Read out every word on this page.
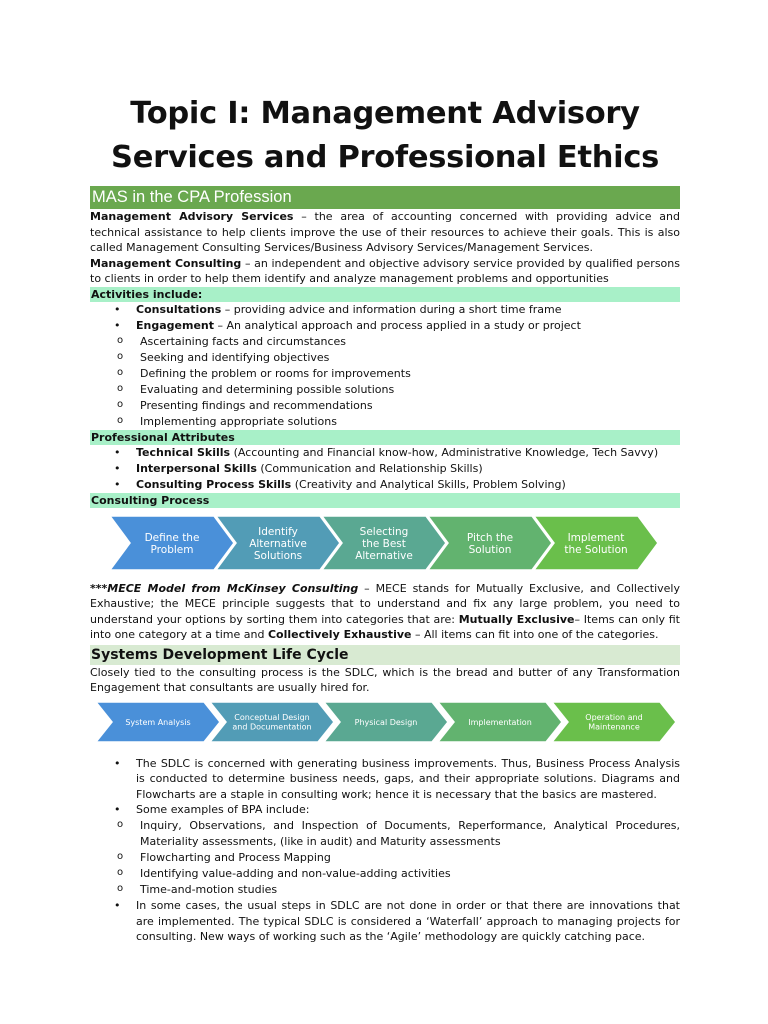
Topic I: Management Advisory Services and Professional Ethics
MAS in the CPA Profession

Management Advisory Services – the area of accounting concerned with providing advice and technical assistance to help clients improve the use of their resources to achieve their goals. This is also called Management Consulting Services/Business Advisory Services/Management Services.

Management Consulting – an independent and objective advisory service provided by qualified persons to clients in order to help them identify and analyze management problems and opportunities

Activities include:
• Consultations – providing advice and information during a short time frame
• Engagement – An analytical approach and process applied in a study or project
o Ascertaining facts and circumstances
o Seeking and identifying objectives
o Defining the problem or rooms for improvements
o Evaluating and determining possible solutions
o Presenting findings and recommendations
o Implementing appropriate solutions
Professional Attributes
• Technical Skills (Accounting and Financial know-how, Administrative Knowledge, Tech Savvy)
• Interpersonal Skills (Communication and Relationship Skills)
• Consulting Process Skills (Creativity and Analytical Skills, Problem Solving)
Consulting Process
Define the
Problem
Identify
Alternative
Solutions
Selecting
the Best
Alternative
Pitch the
Solution
Implement
the Solution

***MECE Model from McKinsey Consulting – MECE stands for Mutually Exclusive, and Collectively Exhaustive; the MECE principle suggests that to understand and fix any large problem, you need to understand your options by sorting them into categories that are: Mutually Exclusive– Items can only fit into one category at a time and Collectively Exhaustive – All items can fit into one of the categories.

Systems Development Life Cycle

Closely tied to the consulting process is the SDLC, which is the bread and butter of any Transformation Engagement that consultants are usually hired for.

System Analysis
Conceptual Design
and Documentation
Physical Design	Implementation
Operation and
Maintenance

• The SDLC is concerned with generating business improvements. Thus, Business Process Analysis is conducted to determine business needs, gaps, and their appropriate solutions. Diagrams and Flowcharts are a staple in consulting work; hence it is necessary that the basics are mastered.

• Some examples of BPA include:
o Inquiry, Observations, and Inspection of Documents, Reperformance, Analytical Procedures, Materiality assessments, (like in audit) and Maturity assessments
o Flowcharting and Process Mapping
o Identifying value-adding and non-value-adding activities
o Time-and-motion studies

• In some cases, the usual steps in SDLC are not done in order or that there are innovations that are implemented. The typical SDLC is considered a ‘Waterfall’ approach to managing projects for consulting. New ways of working such as the ‘Agile’ methodology are quickly catching pace.
